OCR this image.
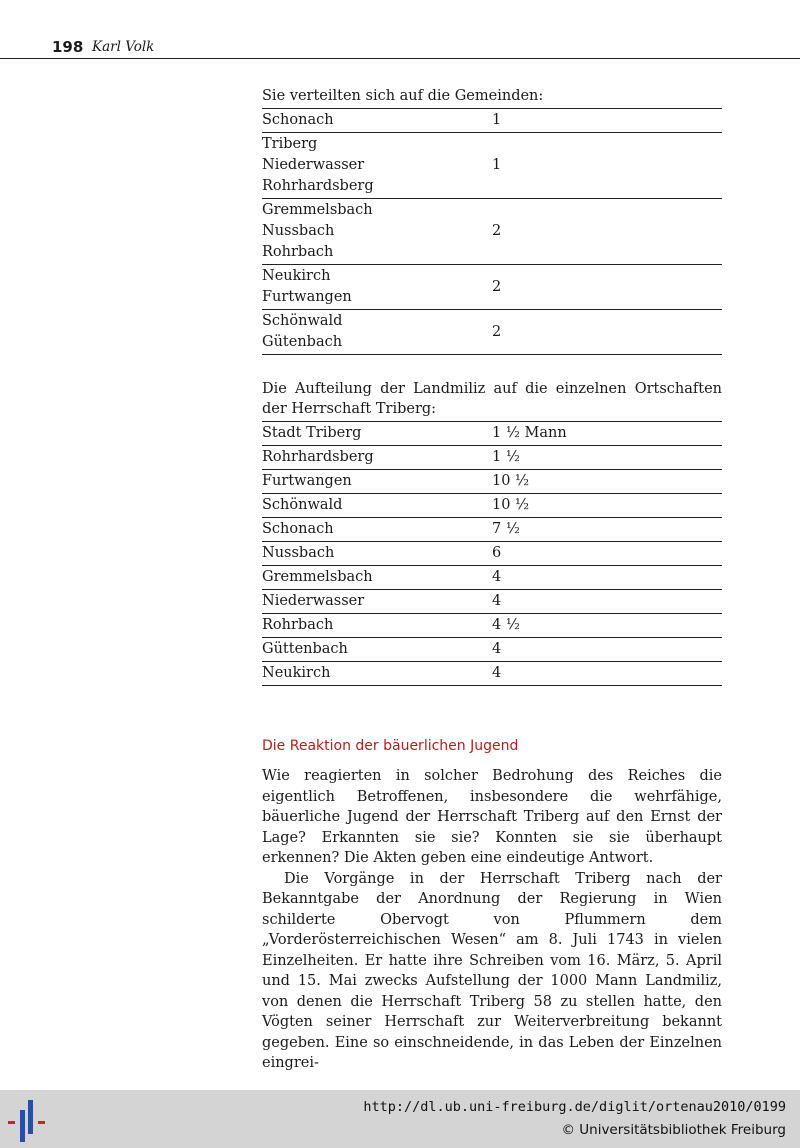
198 Karl Volk

Sie verteilten sich auf die Gemeinden:

Schonach	1

Triberg
Niederwasser
Rohrhardsberg	1

Gremmelsbach
Nussbach
Rohrbach	2

Neukirch
Furtwangen	2

Schönwald
Gütenbach	2

Die Aufteilung der Landmiliz auf die einzelnen Ortschaften der Herrschaft Triberg:

Stadt Triberg	1 ½ Mann
Rohrhardsberg	1 ½
Furtwangen	10 ½
Schönwald	10 ½
Schonach	7 ½
Nussbach	6
Gremmelsbach	4
Niederwasser	4
Rohrbach	4 ½
Güttenbach	4
Neukirch	4
Die Reaktion der bäuerlichen Jugend

Wie reagierten in solcher Bedrohung des Reiches die eigentlich Betroffenen, insbesondere die wehrfähige, bäuerliche Jugend der Herrschaft Triberg auf den Ernst der Lage? Erkannten sie sie? Konnten sie sie überhaupt erkennen? Die Akten geben eine eindeutige Antwort.

Die Vorgänge in der Herrschaft Triberg nach der Bekanntgabe der Anordnung der Regierung in Wien schilderte Obervogt von Pflummern dem „Vorderösterreichischen Wesen“ am 8. Juli 1743 in vielen Einzelheiten. Er hatte ihre Schreiben vom 16. März, 5. April und 15. Mai zwecks Aufstellung der 1000 Mann Landmiliz, von denen die Herrschaft Triberg 58 zu stellen hatte, den Vögten seiner Herrschaft zur Weiterverbreitung bekannt gegeben. Eine so einschneidende, in das Leben der Einzelnen eingrei-

http://dl.ub.uni-freiburg.de/diglit/ortenau2010/0199
© Universitätsbibliothek Freiburg
